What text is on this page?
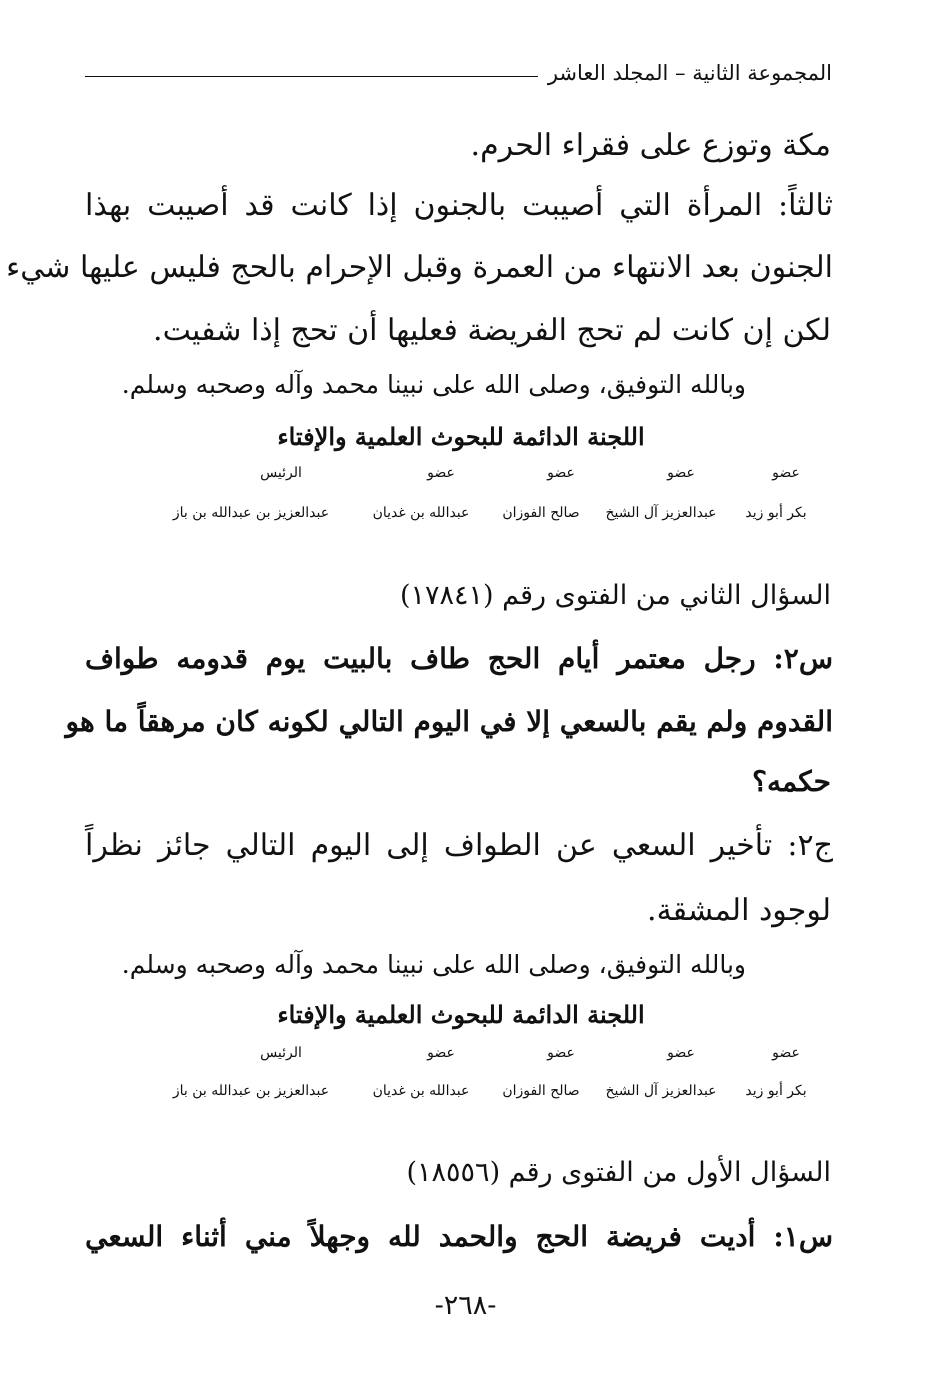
المجموعة الثانية – المجلد العاشر
مكة وتوزع على فقراء الحرم.
ثالثاً: المرأة التي أصيبت بالجنون إذا كانت قد أصيبت بهذا
الجنون بعد الانتهاء من العمرة وقبل الإحرام بالحج فليس عليها شيء
لكن إن كانت لم تحج الفريضة فعليها أن تحج إذا شفيت.
وبالله التوفيق، وصلى الله على نبينا محمد وآله وصحبه وسلم.
اللجنة الدائمة للبحوث العلمية والإفتاء
عضو
عضو
عضو
عضو
الرئيس
بكر أبو زيد
عبدالعزيز آل الشيخ
صالح الفوزان
عبدالله بن غديان
عبدالعزيز بن عبدالله بن باز
السؤال الثاني من الفتوى رقم (١٧٨٤١)
س٢: رجل معتمر أيام الحج طاف بالبيت يوم قدومه طواف
القدوم ولم يقم بالسعي إلا في اليوم التالي لكونه كان مرهقاً ما هو
حكمه؟
ج٢: تأخير السعي عن الطواف إلى اليوم التالي جائز نظراً
لوجود المشقة.
وبالله التوفيق، وصلى الله على نبينا محمد وآله وصحبه وسلم.
اللجنة الدائمة للبحوث العلمية والإفتاء
عضو
عضو
عضو
عضو
الرئيس
بكر أبو زيد
عبدالعزيز آل الشيخ
صالح الفوزان
عبدالله بن غديان
عبدالعزيز بن عبدالله بن باز
السؤال الأول من الفتوى رقم (١٨٥٥٦)
س١: أديت فريضة الحج والحمد لله وجهلاً مني أثناء السعي
-٢٦٨-
